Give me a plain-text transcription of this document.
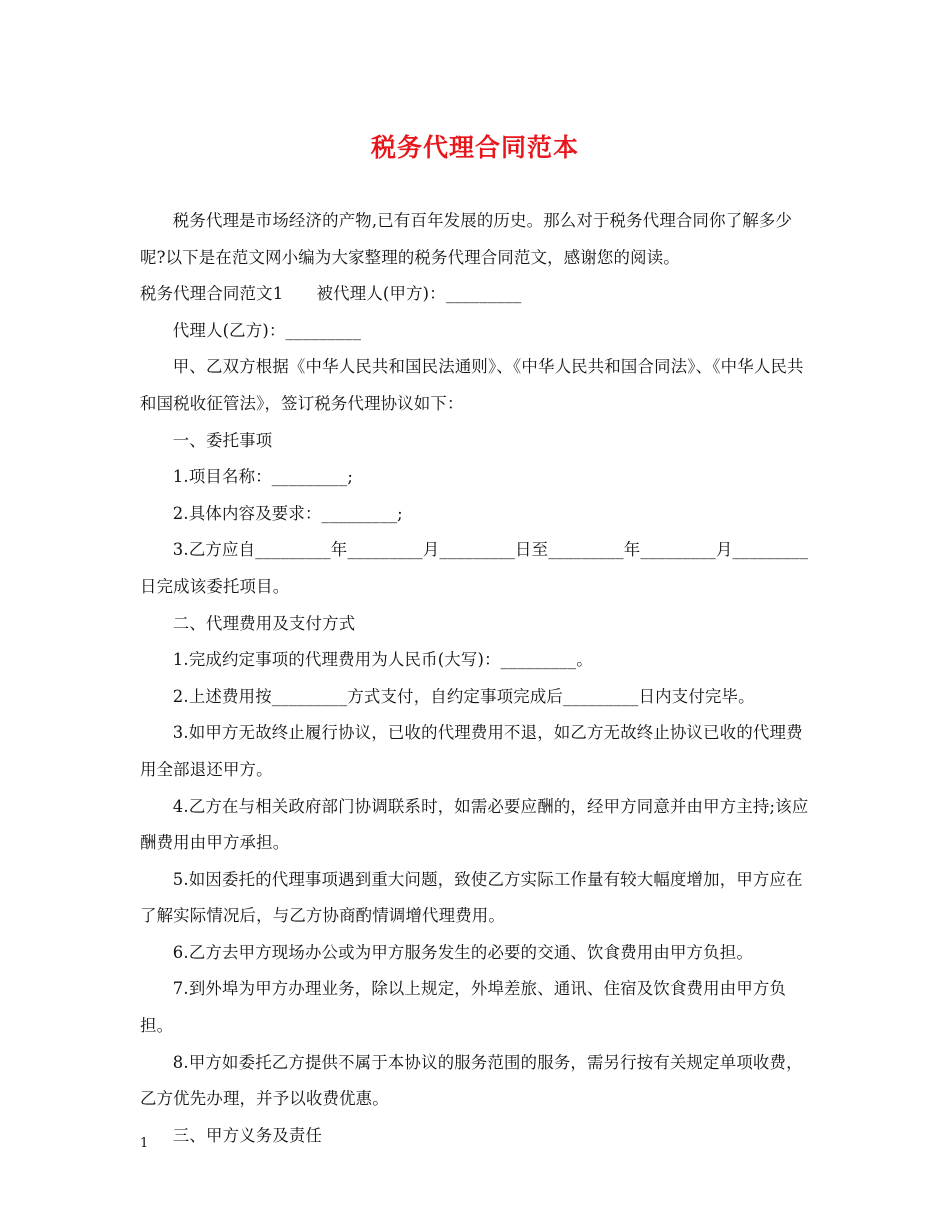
税务代理合同范本

税务代理是市场经济的产物,已有百年发展的历史。那么对于税务代理合同你了解多少呢?以下是在范文网小编为大家整理的税务代理合同范文，感谢您的阅读。

税务代理合同范文1　　被代理人(甲方)：_________

代理人(乙方)：_________

甲、乙双方根据《中华人民共和国民法通则》、《中华人民共和国合同法》、《中华人民共和国税收征管法》，签订税务代理协议如下：

一、委托事项

1.项目名称：_________;

2.具体内容及要求：_________;

3.乙方应自_________年_________月_________日至_________年_________月_________日完成该委托项目。

二、代理费用及支付方式

1.完成约定事项的代理费用为人民币(大写)：_________。

2.上述费用按_________方式支付，自约定事项完成后_________日内支付完毕。

3.如甲方无故终止履行协议，已收的代理费用不退，如乙方无故终止协议已收的代理费用全部退还甲方。

4.乙方在与相关政府部门协调联系时，如需必要应酬的，经甲方同意并由甲方主持;该应酬费用由甲方承担。

5.如因委托的代理事项遇到重大问题，致使乙方实际工作量有较大幅度增加，甲方应在了解实际情况后，与乙方协商酌情调增代理费用。

6.乙方去甲方现场办公或为甲方服务发生的必要的交通、饮食费用由甲方负担。

7.到外埠为甲方办理业务，除以上规定，外埠差旅、通讯、住宿及饮食费用由甲方负担。

8.甲方如委托乙方提供不属于本协议的服务范围的服务，需另行按有关规定单项收费，乙方优先办理，并予以收费优惠。

三、甲方义务及责任

1
